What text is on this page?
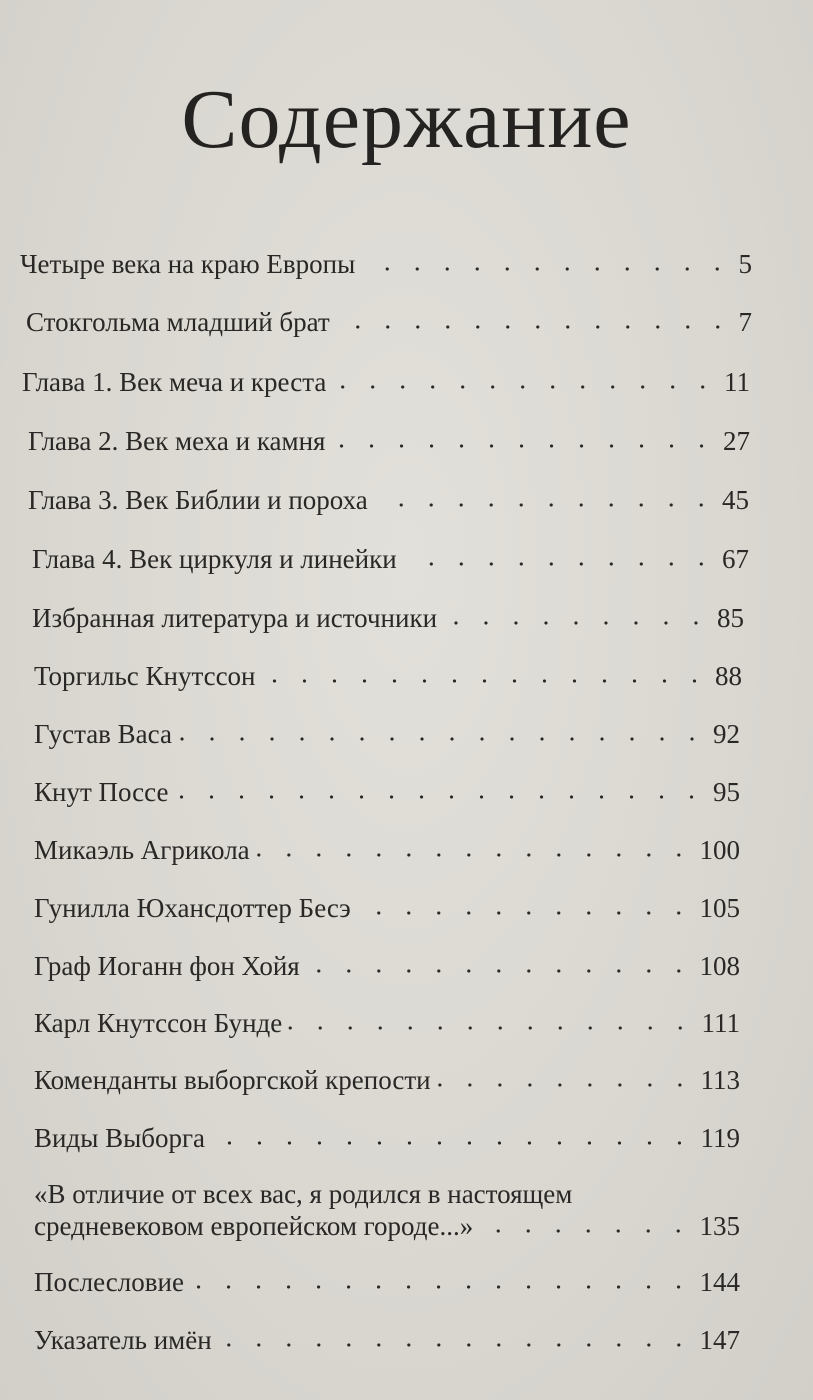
Содержание
Четыре века на краю Европы	5
Стокгольма младший брат	7
Глава 1. Век меча и креста	11
Глава 2. Век меха и камня	27
Глава 3. Век Библии и пороха	45
Глава 4. Век циркуля и линейки	67
Избранная литература и источники	85
Торгильс Кнутссон	88
Густав Васа	92
Кнут Поссе	95
Микаэль Агрикола	100
Гунилла Юхансдоттер Бесэ	105
Граф Иоганн фон Хойя	108
Карл Кнутссон Бунде	111
Коменданты выборгской крепости	113
Виды Выборга	119
«В отличие от всех вас, я родился в настоящем
средневековом европейском городе...»	135
Послесловие	144
Указатель имён	147
